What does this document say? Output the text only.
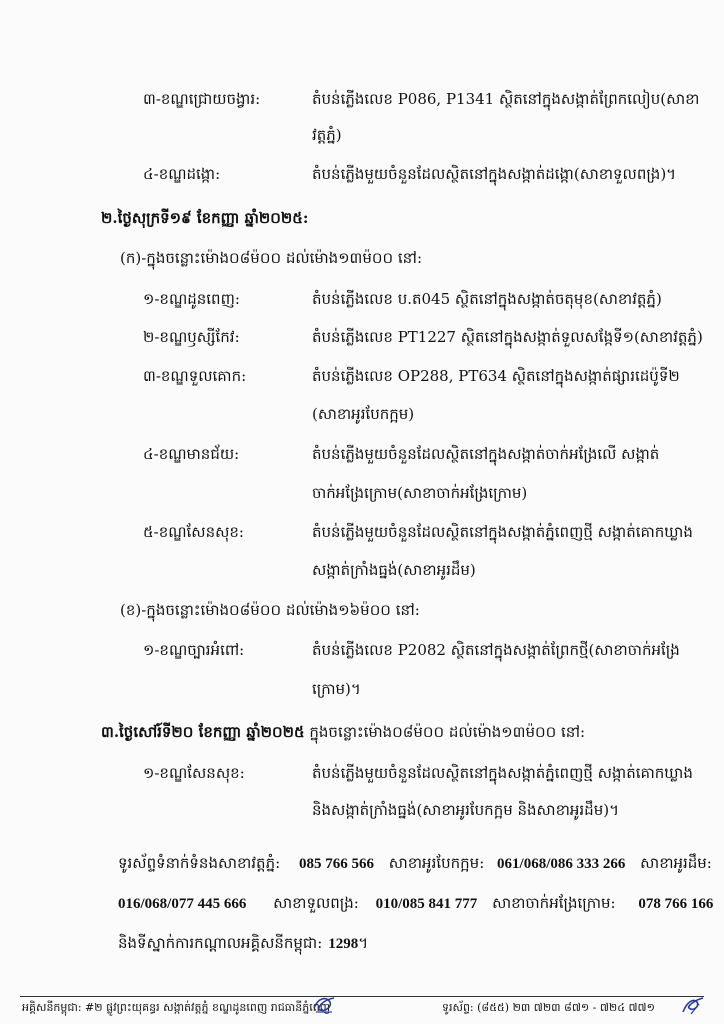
៣-ខណ្ឌជ្រោយចង្វារ:	តំបន់ភ្លើងលេខ P086, P1341 ស្ថិតនៅក្នុងសង្កាត់ព្រែកលៀប(សាខា
វត្តភ្នំ)
៤-ខណ្ឌដង្កោ:	តំបន់ភ្លើងមួយចំនួនដែលស្ថិតនៅក្នុងសង្កាត់ដង្កោ(សាខាទួលពង្រ)។
២.ថ្ងៃសុក្រទី១៩ ខែកញ្ញា ឆ្នាំ២០២៥:
(ក)-ក្នុងចន្លោះម៉ោង០៨ម៉០០ ដល់ម៉ោង១៣ម៉០០ នៅ:
១-ខណ្ឌដូនពេញ:	តំបន់ភ្លើងលេខ ប.ត045 ស្ថិតនៅក្នុងសង្កាត់ចតុមុខ(សាខាវត្តភ្នំ)
២-ខណ្ឌឫស្សីកែវ:	តំបន់ភ្លើងលេខ PT1227 ស្ថិតនៅក្នុងសង្កាត់ទួលសង្កែទី១(សាខាវត្តភ្នំ)
៣-ខណ្ឌទួលគោក:	តំបន់ភ្លើងលេខ OP288, PT634 ស្ថិតនៅក្នុងសង្កាត់ផ្សារដេប៉ូទី២
(សាខាអូរបែកក្អម)
៤-ខណ្ឌមានជ័យ:	តំបន់ភ្លើងមួយចំនួនដែលស្ថិតនៅក្នុងសង្កាត់ចាក់អង្រែលើ សង្កាត់
ចាក់អង្រែក្រោម(សាខាចាក់អង្រែក្រោម)
៥-ខណ្ឌសែនសុខ:	តំបន់ភ្លើងមួយចំនួនដែលស្ថិតនៅក្នុងសង្កាត់ភ្នំពេញថ្មី សង្កាត់គោកឃ្លាង
សង្កាត់ក្រាំងធ្នង់(សាខាអូរដឹម)
(ខ)-ក្នុងចន្លោះម៉ោង០៨ម៉០០ ដល់ម៉ោង១៦ម៉០០ នៅ:
១-ខណ្ឌច្បារអំពៅ:	តំបន់ភ្លើងលេខ P2082 ស្ថិតនៅក្នុងសង្កាត់ព្រែកថ្មី(សាខាចាក់អង្រែ
ក្រោម)។
៣.ថ្ងៃសៅរ៍ទី២០ ខែកញ្ញា ឆ្នាំ២០២៥ ក្នុងចន្លោះម៉ោង០៨ម៉០០ ដល់ម៉ោង១៣ម៉០០ នៅ:
១-ខណ្ឌសែនសុខ:	តំបន់ភ្លើងមួយចំនួនដែលស្ថិតនៅក្នុងសង្កាត់ភ្នំពេញថ្មី សង្កាត់គោកឃ្លាង
និងសង្កាត់ក្រាំងធ្នង់(សាខាអូរបែកក្អម និងសាខាអូរដឹម)។
ទូរស័ព្ទទំនាក់ទំនងសាខាវត្តភ្នំ: 085 766 566 សាខាអូរបែកក្អម: 061/068/086 333 266 សាខាអូរដឹម:
016/068/077 445 666 សាខាទួលពង្រ: 010/085 841 777 សាខាចាក់អង្រែក្រោម: 078 766 166
និងទីស្នាក់ការកណ្តាលអគ្គិសនីកម្ពុជា: 1298។
អគ្គិសនីកម្ពុជា: #២ ផ្លូវព្រះយុគន្ធរ សង្កាត់វត្តភ្នំ ខណ្ឌដូនពេញ រាជធានីភ្នំពេញ	ទូរស័ព្ទ: (៨៥៥) ២៣ ៧២៣ ៨៧១ - ៧២៤ ៧៧១
